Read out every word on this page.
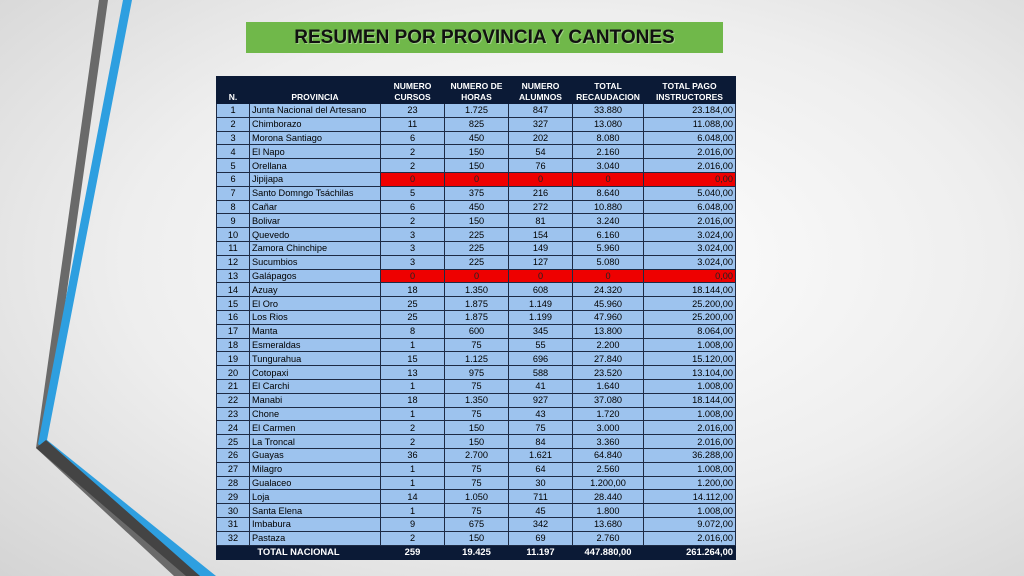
RESUMEN POR PROVINCIA Y CANTONES
N.	PROVINCIA	NUMERO CURSOS	NUMERO DE HORAS	NUMERO ALUMNOS	TOTAL RECAUDACION	TOTAL PAGO INSTRUCTORES
1	Junta Nacional del Artesano	23	1.725	847	33.880	23.184,00
2	Chimborazo	11	825	327	13.080	11.088,00
3	Morona Santiago	6	450	202	8.080	6.048,00
4	El Napo	2	150	54	2.160	2.016,00
5	Orellana	2	150	76	3.040	2.016,00
6	Jipijapa	0	0	0	0	0,00
7	Santo Domngo Tsáchilas	5	375	216	8.640	5.040,00
8	Cañar	6	450	272	10.880	6.048,00
9	Bolivar	2	150	81	3.240	2.016,00
10	Quevedo	3	225	154	6.160	3.024,00
11	Zamora Chinchipe	3	225	149	5.960	3.024,00
12	Sucumbios	3	225	127	5.080	3.024,00
13	Galápagos	0	0	0	0	0,00
14	Azuay	18	1.350	608	24.320	18.144,00
15	El Oro	25	1.875	1.149	45.960	25.200,00
16	Los Rios	25	1.875	1.199	47.960	25.200,00
17	Manta	8	600	345	13.800	8.064,00
18	Esmeraldas	1	75	55	2.200	1.008,00
19	Tungurahua	15	1.125	696	27.840	15.120,00
20	Cotopaxi	13	975	588	23.520	13.104,00
21	El Carchi	1	75	41	1.640	1.008,00
22	Manabi	18	1.350	927	37.080	18.144,00
23	Chone	1	75	43	1.720	1.008,00
24	El Carmen	2	150	75	3.000	2.016,00
25	La Troncal	2	150	84	3.360	2.016,00
26	Guayas	36	2.700	1.621	64.840	36.288,00
27	Milagro	1	75	64	2.560	1.008,00
28	Gualaceo	1	75	30	1.200,00	1.200,00
29	Loja	14	1.050	711	28.440	14.112,00
30	Santa Elena	1	75	45	1.800	1.008,00
31	Imbabura	9	675	342	13.680	9.072,00
32	Pastaza	2	150	69	2.760	2.016,00
TOTAL NACIONAL		259	19.425	11.197	447.880,00	261.264,00
